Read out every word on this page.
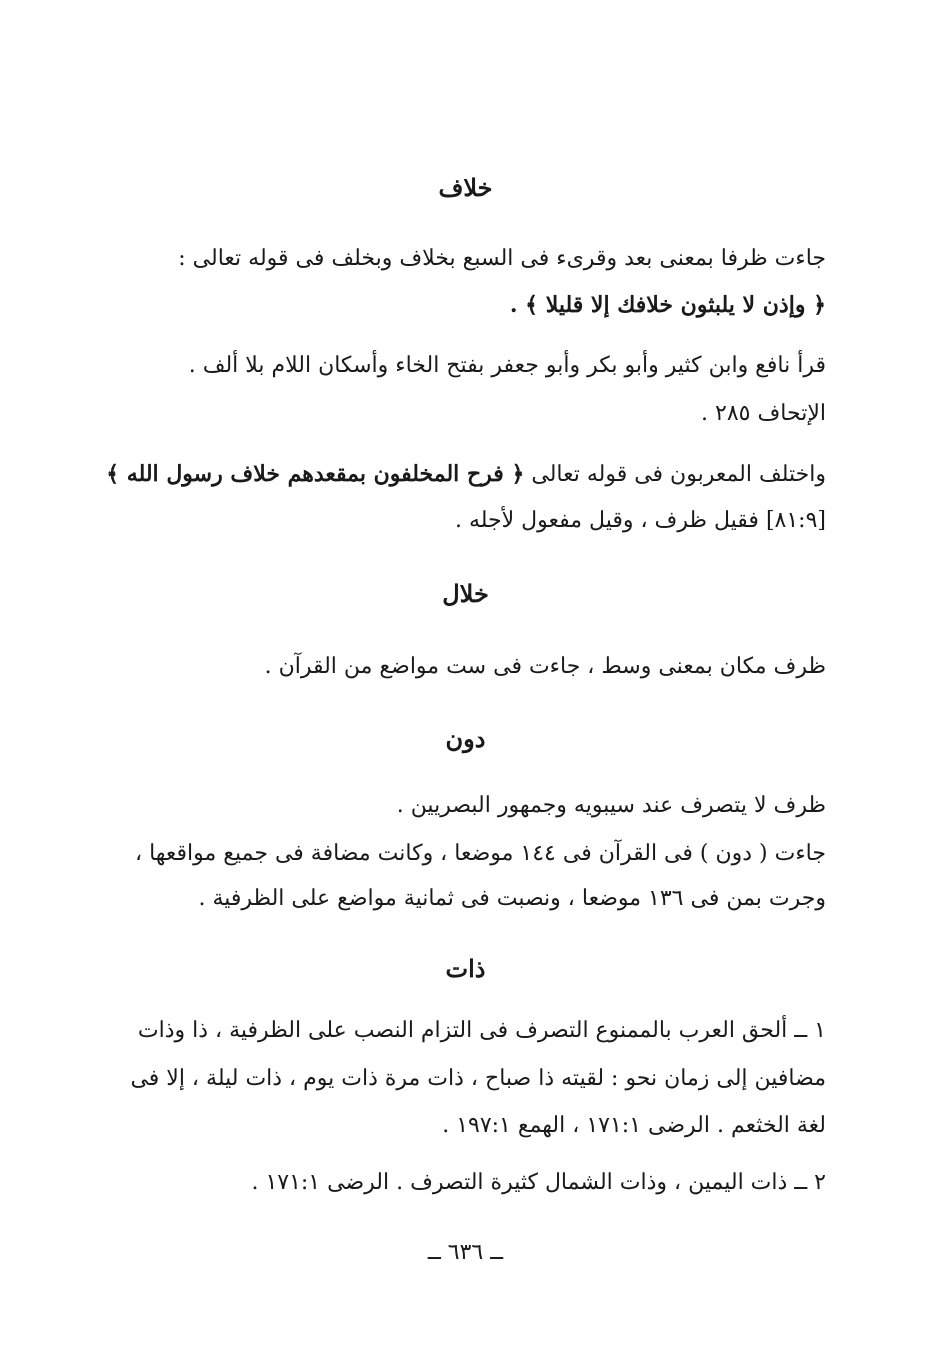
خلاف
جاءت ظرفا بمعنى بعد وقرىء فى السبع بخلاف وبخلف فى قوله تعالى :
﴿ وإذن لا يلبثون خلافك إلا قليلا ﴾ .
قرأ نافع وابن كثير وأبو بكر وأبو جعفر بفتح الخاء وأسكان اللام بلا ألف .
الإتحاف ٢٨٥ .
واختلف المعربون فى قوله تعالى ﴿ فرح المخلفون بمقعدهم خلاف رسول الله ﴾
[٨١:٩] فقيل ظرف ، وقيل مفعول لأجله .
خلال
ظرف مكان بمعنى وسط ، جاءت فى ست مواضع من القرآن .
دون
ظرف لا يتصرف عند سيبويه وجمهور البصريين .
جاءت ( دون ) فى القرآن فى ١٤٤ موضعا ، وكانت مضافة فى جميع مواقعها ،
وجرت بمن فى ١٣٦ موضعا ، ونصبت فى ثمانية مواضع على الظرفية .
ذات
١ ــ ألحق العرب بالممنوع التصرف فى التزام النصب على الظرفية ، ذا وذات
مضافين إلى زمان نحو : لقيته ذا صباح ، ذات مرة ذات يوم ، ذات ليلة ، إلا فى
لغة الخثعم . الرضى ١٧١:١ ، الهمع ١٩٧:١ .
٢ ــ ذات اليمين ، وذات الشمال كثيرة التصرف . الرضى ١٧١:١ .
ــ ٦٣٦ ــ
